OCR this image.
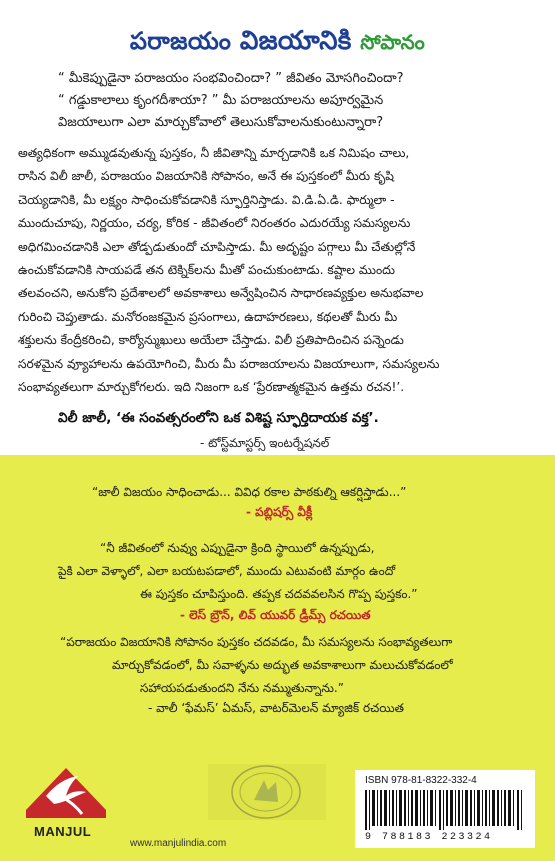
పరాజయం విజయానికి సోపానం
“ మీకెప్పుడైనా పరాజయం సంభవించిందా? ” జీవితం మోసగించిందా?
“ గడ్డుకాలాలు కృంగదీశాయా? ” మీ పరాజయాలను అపూర్వమైన
విజయాలుగా ఎలా మార్చుకోవాలో తెలుసుకోవాలనుకుంటున్నారా?
అత్యధికంగా అమ్ముడవుతున్న పుస్తకం, నీ జీవితాన్ని మార్చడానికి ఒక నిమిషం చాలు,
రాసిన విలీ జాలీ, పరాజయం విజయానికి సోపానం, అనే ఈ పుస్తకంలో మీరు కృషి
చెయ్యడానికి, మీ లక్ష్యం సాధించుకోవడానికి స్ఫూర్తినిస్తాడు. వి.డి.ఏ.డి. ఫార్ములా -
ముందుచూపు, నిర్ణయం, చర్య, కోరిక - జీవితంలో నిరంతరం ఎదురయ్యే సమస్యలను
అధిగమించడానికి ఎలా తోడ్పడుతుందో చూపిస్తాడు. మీ అదృష్టం పగ్గాలు మీ చేతుల్లోనే
ఉంచుకోవడానికి సాయపడే తన టెక్నిక్‌లను మీతో పంచుకుంటాడు. కష్టాల ముందు
తలవంచని, అనుకోని ప్రదేశాలలో అవకాశాలు అన్వేషించిన సాధారణవ్యక్తుల అనుభవాల
గురించి చెప్తుతాడు. మనోరంజకమైన ప్రసంగాలు, ఉదాహరణలు, కథలతో మీరు మీ
శక్తులను కేంద్రీకరించి, కార్యోన్ముఖులు అయేలా చేస్తాడు. విలీ ప్రతిపాదించిన పన్నెండు
సరళమైన వ్యూహాలను ఉపయోగించి, మీరు మీ పరాజయాలను విజయాలుగా, సమస్యలను
సంభావ్యతలుగా మార్చుకోగలరు. ఇది నిజంగా ఒక ‘ప్రేరణాత్మకమైన ఉత్తమ రచన!’.
విలీ జాలీ, ‘ఈ సంవత్సరంలోని ఒక విశిష్ట స్ఫూర్తిదాయక వక్త’.
- టోస్ట్‌మాస్టర్స్ ఇంటర్నేషనల్
“జాలీ విజయం సాధించాడు... వివిధ రకాల పాఠకుల్ని ఆకర్షిస్తాడు...”
- పబ్లిషర్స్ వీక్లీ
“నీ జీవితంలో నువ్వు ఎప్పుడైనా క్రింది స్థాయిలో ఉన్నప్పుడు,
పైకి ఎలా వెళ్ళాలో, ఎలా బయటపడాలో, ముందు ఎటువంటి మార్గం ఉందో
ఈ పుస్తకం చూపిస్తుంది. తప్పక చదవవలసిన గొప్ప పుస్తకం.”
- లెస్ బ్రౌన్, లివ్ యువర్ డ్రీమ్స్ రచయిత
“పరాజయం విజయానికి సోపానం పుస్తకం చదవడం, మీ సమస్యలను సంభావ్యతలుగా
మార్చుకోవడంలో, మీ సవాళ్ళను అద్భుత అవకాశాలుగా మలుచుకోవడంలో
సహాయపడుతుందని నేను నమ్ముతున్నాను.”
- వాలీ ‘ఫేమస్’ ఏమస్, వాటర్‌మెలన్ మ్యాజిక్ రచయిత
MANJUL
ISBN 978-81-8322-332-4
9 788183 223324
www.manjulindia.com
